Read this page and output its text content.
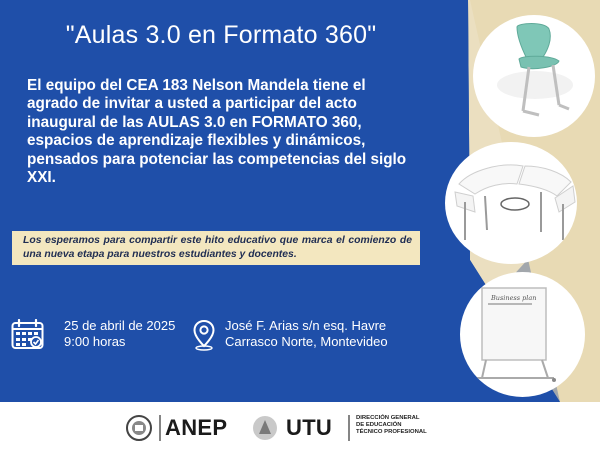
"Aulas 3.0 en Formato 360"
El equipo del CEA 183 Nelson Mandela tiene el agrado de invitar a usted a participar del acto inaugural de las AULAS 3.0 en FORMATO 360, espacios de aprendizaje flexibles y dinámicos, pensados para potenciar las competencias del siglo XXI.
Los esperamos para compartir este hito educativo que marca el comienzo de una nueva etapa para nuestros estudiantes y docentes.
25 de abril de 2025
9:00 horas
José F. Arias s/n esq. Havre
Carrasco Norte, Montevideo
Business plan
ANEP	UTU	DIRECCIÓN GENERAL
DE EDUCACIÓN
TÉCNICO PROFESIONAL
